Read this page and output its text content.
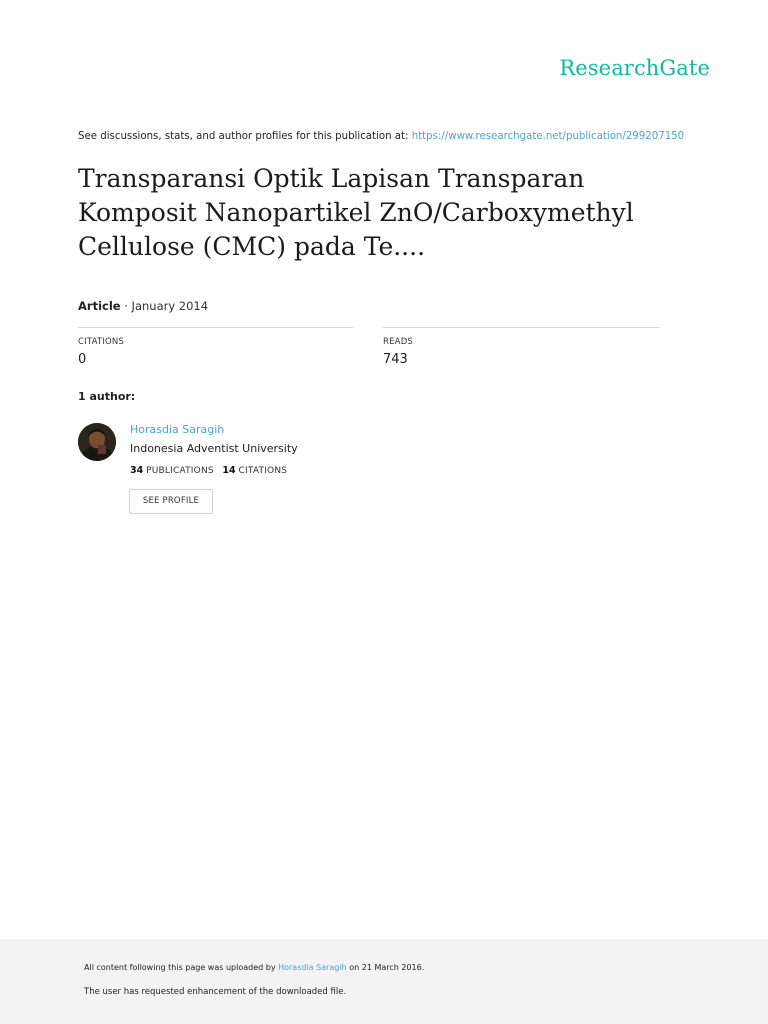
ResearchGate
See discussions, stats, and author profiles for this publication at: https://www.researchgate.net/publication/299207150
Transparansi Optik Lapisan Transparan Komposit Nanopartikel ZnO/Carboxymethyl Cellulose (CMC) pada Te....
Article · January 2014
CITATIONS
0
READS
743
1 author:
Horasdia Saragih
Indonesia Adventist University
34 PUBLICATIONS 14 CITATIONS
SEE PROFILE
All content following this page was uploaded by Horasdia Saragih on 21 March 2016.
The user has requested enhancement of the downloaded file.
